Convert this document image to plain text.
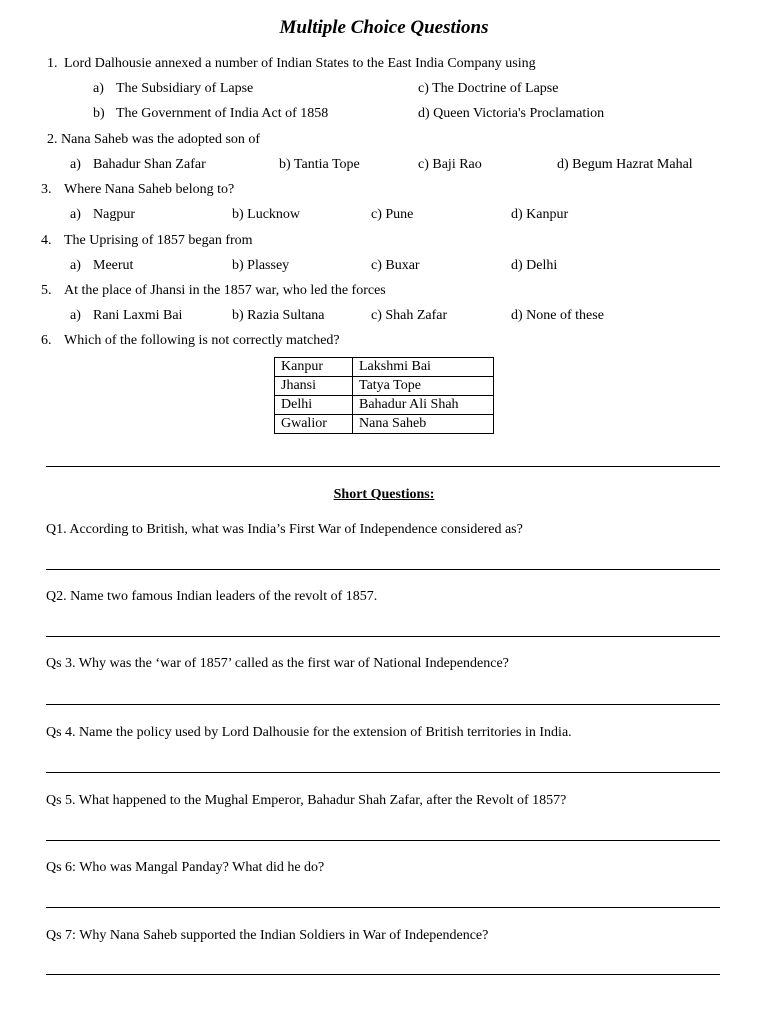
Multiple Choice Questions
1. Lord Dalhousie annexed a number of Indian States to the East India Company using
a) The Subsidiary of Lapse	c) The Doctrine of Lapse
b) The Government of India Act of 1858	d) Queen Victoria's Proclamation
2. Nana Saheb was the adopted son of
a) Bahadur Shan Zafar	b) Tantia Tope	c) Baji Rao	d) Begum Hazrat Mahal
3. Where Nana Saheb belong to?
a) Nagpur	b) Lucknow	c) Pune	d) Kanpur
4. The Uprising of 1857 began from
a) Meerut	b) Plassey	c) Buxar	d) Delhi
5. At the place of Jhansi in the 1857 war, who led the forces
a) Rani Laxmi Bai	b) Razia Sultana	c) Shah Zafar	d) None of these
6. Which of the following is not correctly matched?
Kanpur	Lakshmi Bai
Jhansi	Tatya Tope
Delhi	Bahadur Ali Shah
Gwalior	Nana Saheb
Short Questions:
Q1. According to British, what was India’s First War of Independence considered as?
Q2. Name two famous Indian leaders of the revolt of 1857.
Qs 3. Why was the ‘war of 1857’ called as the first war of National Independence?
Qs 4. Name the policy used by Lord Dalhousie for the extension of British territories in India.
Qs 5. What happened to the Mughal Emperor, Bahadur Shah Zafar, after the Revolt of 1857?
Qs 6: Who was Mangal Panday? What did he do?
Qs 7: Why Nana Saheb supported the Indian Soldiers in War of Independence?
